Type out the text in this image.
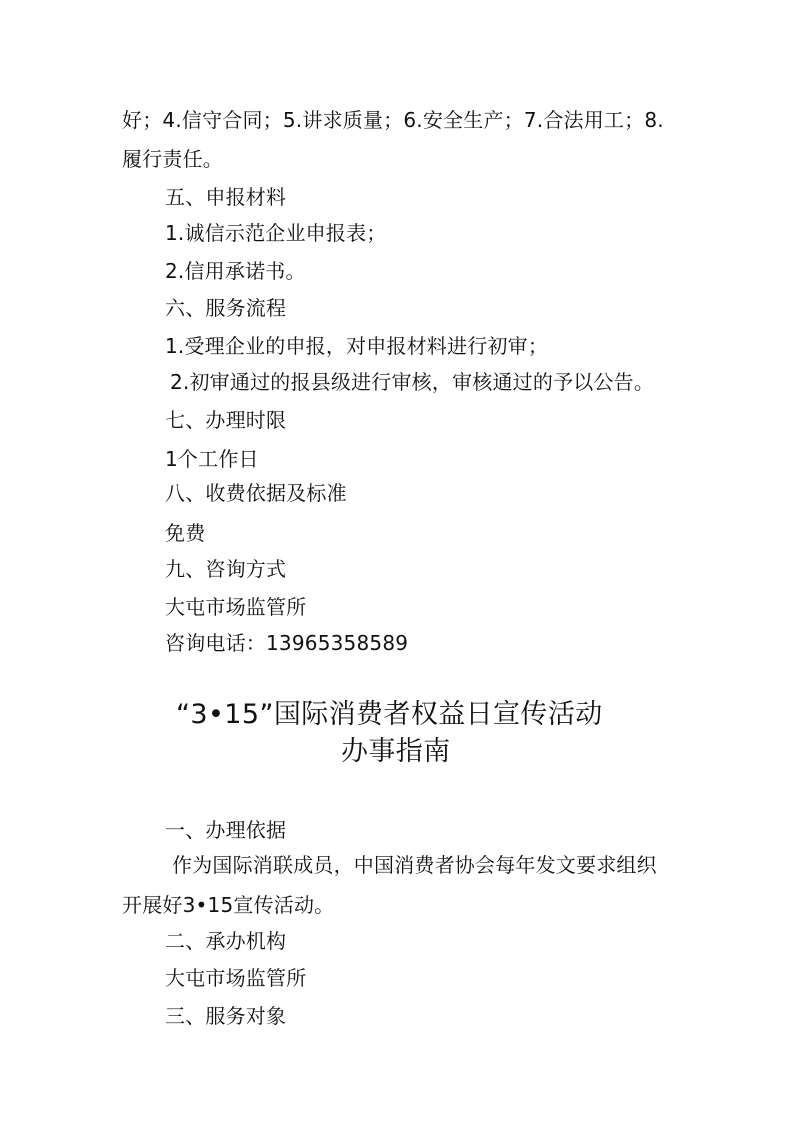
好；4.信守合同；5.讲求质量；6.安全生产；7.合法用工；8.
履行责任。
五、申报材料
1.诚信示范企业申报表；
2.信用承诺书。
六、服务流程
1.受理企业的申报，对申报材料进行初审；
2.初审通过的报县级进行审核，审核通过的予以公告。
七、办理时限
1个工作日
八、收费依据及标准
免费
九、咨询方式
大屯市场监管所
咨询电话：13965358589
“3•15”国际消费者权益日宣传活动
办事指南
一、办理依据
作为国际消联成员，中国消费者协会每年发文要求组织
开展好3•15宣传活动。
二、承办机构
大屯市场监管所
三、服务对象
